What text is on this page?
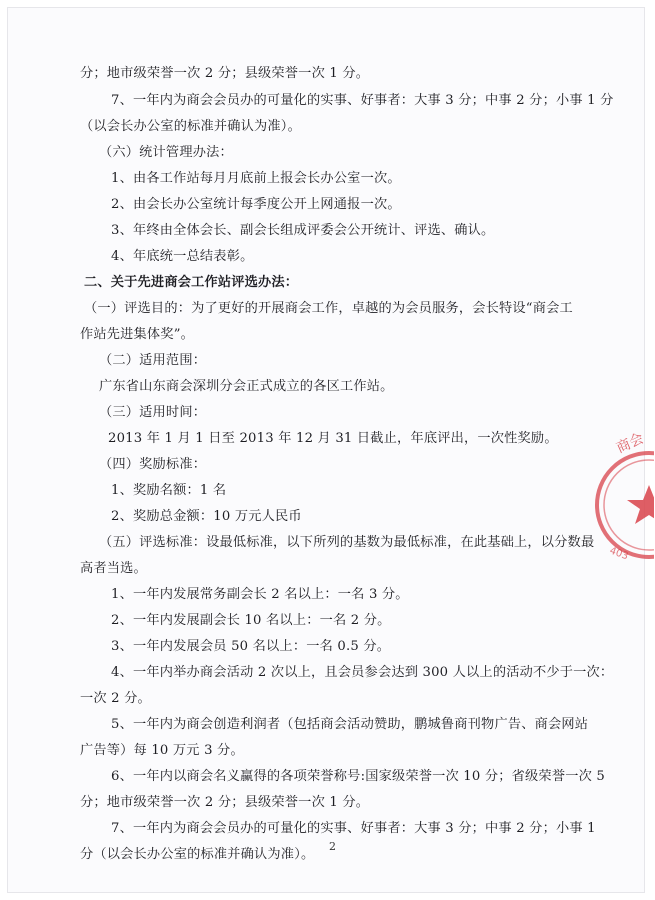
分；地市级荣誉一次 2 分；县级荣誉一次 1 分。
7、一年内为商会会员办的可量化的实事、好事者：大事 3 分；中事 2 分；小事 1 分
（以会长办公室的标准并确认为准）。
（六）统计管理办法：
1、由各工作站每月月底前上报会长办公室一次。
2、由会长办公室统计每季度公开上网通报一次。
3、年终由全体会长、副会长组成评委会公开统计、评选、确认。
4、年底统一总结表彰。
二、关于先进商会工作站评选办法：
（一）评选目的：为了更好的开展商会工作，卓越的为会员服务，会长特设“商会工
作站先进集体奖”。
（二）适用范围：
广东省山东商会深圳分会正式成立的各区工作站。
（三）适用时间：
2013 年 1 月 1 日至 2013 年 12 月 31 日截止，年底评出，一次性奖励。
（四）奖励标准：
1、奖励名额：1 名
2、奖励总金额：10 万元人民币
（五）评选标准：设最低标准，以下所列的基数为最低标准，在此基础上，以分数最
高者当选。
1、一年内发展常务副会长 2 名以上：一名 3 分。
2、一年内发展副会长 10 名以上：一名 2 分。
3、一年内发展会员 50 名以上：一名 0.5 分。
4、一年内举办商会活动 2 次以上，且会员参会达到 300 人以上的活动不少于一次：
一次 2 分。
5、一年内为商会创造利润者（包括商会活动赞助，鹏城鲁商刊物广告、商会网站
广告等）每 10 万元 3 分。
6、一年内以商会名义赢得的各项荣誉称号:国家级荣誉一次 10 分；省级荣誉一次 5
分；地市级荣誉一次 2 分；县级荣誉一次 1 分。
7、一年内为商会会员办的可量化的实事、好事者：大事 3 分；中事 2 分；小事 1
分（以会长办公室的标准并确认为准）。
2
商会
403
